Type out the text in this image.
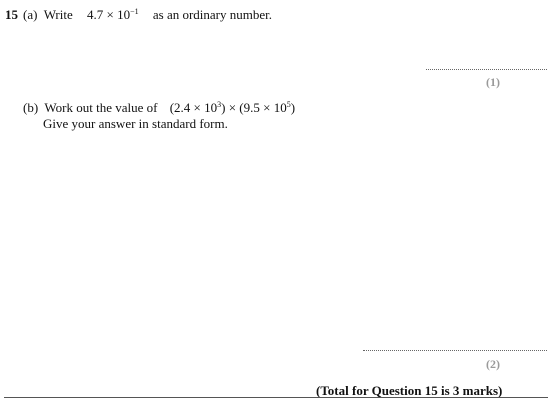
15 (a) Write $4.7 \times 10^{-1}$ as an ordinary number.
(1)
(b) Work out the value of $(2.4 \times 10^3) \times (9.5 \times 10^5)$
Give your answer in standard form.
(2)
(Total for Question 15 is 3 marks)
